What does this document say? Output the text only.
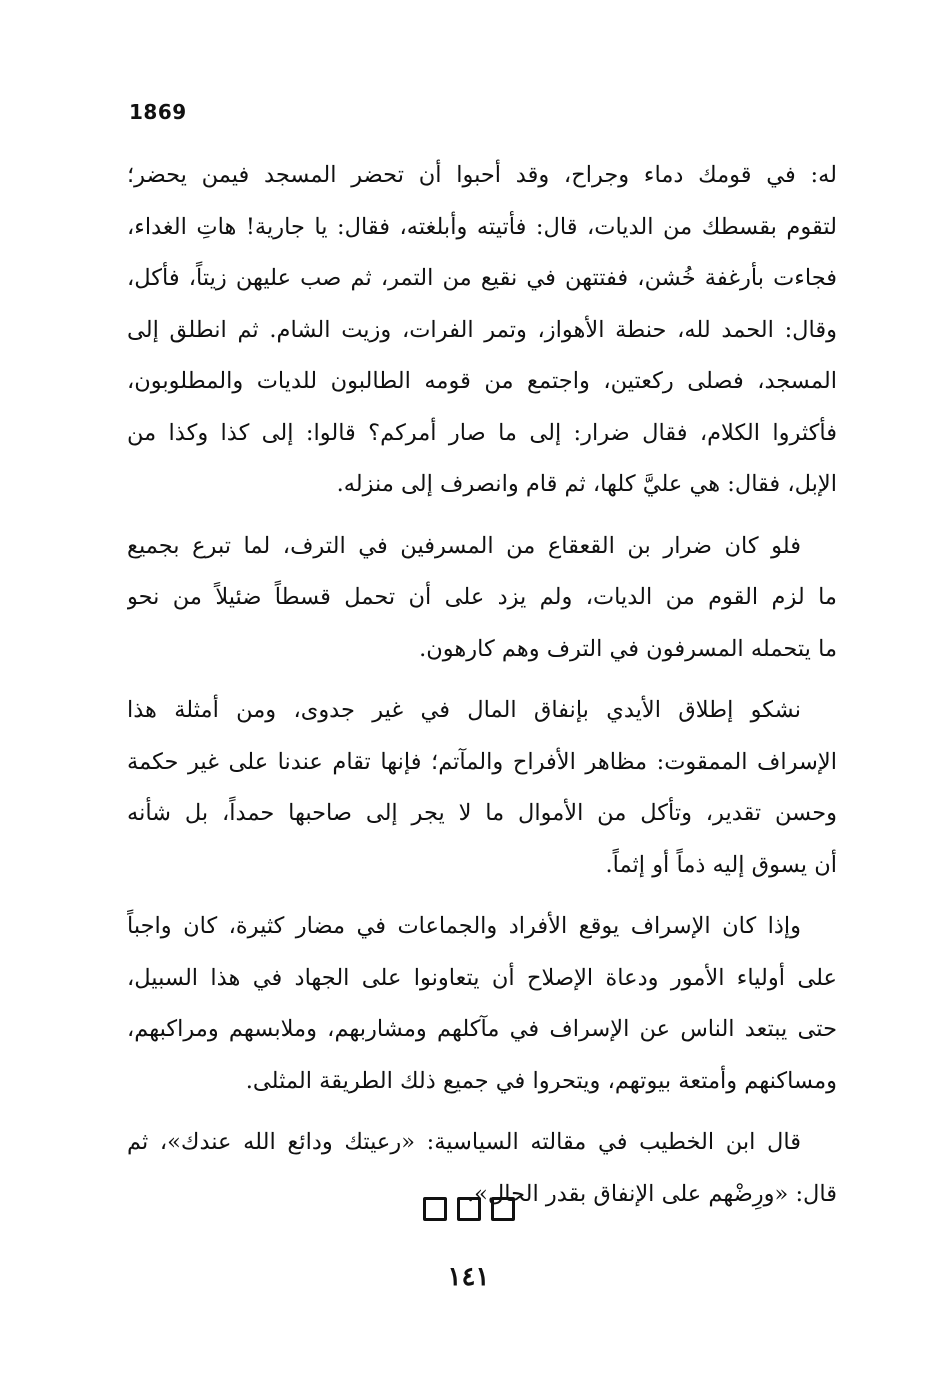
1869
له: في قومك دماء وجراح، وقد أحبوا أن تحضر المسجد فيمن يحضر؛
لتقوم بقسطك من الديات، قال: فأتيته وأبلغته، فقال: يا جارية! هاتِ الغداء،
فجاءت بأرغفة خُشن، ففتتهن في نقيع من التمر، ثم صب عليهن زيتاً، فأكل،
وقال: الحمد لله، حنطة الأهواز، وتمر الفرات، وزيت الشام. ثم انطلق إلى
المسجد، فصلى ركعتين، واجتمع من قومه الطالبون للديات والمطلوبون،
فأكثروا الكلام، فقال ضرار: إلى ما صار أمركم؟ قالوا: إلى كذا وكذا من
الإبل، فقال: هي عليَّ كلها، ثم قام وانصرف إلى منزله.
فلو كان ضرار بن القعقاع من المسرفين في الترف، لما تبرع بجميع
ما لزم القوم من الديات، ولم يزد على أن تحمل قسطاً ضئيلاً من نحو
ما يتحمله المسرفون في الترف وهم كارهون.
نشكو إطلاق الأيدي بإنفاق المال في غير جدوى، ومن أمثلة هذا
الإسراف الممقوت: مظاهر الأفراح والمآتم؛ فإنها تقام عندنا على غير حكمة
وحسن تقدير، وتأكل من الأموال ما لا يجر إلى صاحبها حمداً، بل شأنه
أن يسوق إليه ذماً أو إثماً.
وإذا كان الإسراف يوقع الأفراد والجماعات في مضار كثيرة، كان واجباً
على أولياء الأمور ودعاة الإصلاح أن يتعاونوا على الجهاد في هذا السبيل،
حتى يبتعد الناس عن الإسراف في مآكلهم ومشاربهم، وملابسهم ومراكبهم،
ومساكنهم وأمتعة بيوتهم، ويتحروا في جميع ذلك الطريقة المثلى.
قال ابن الخطيب في مقالته السياسية: «رعيتك ودائع الله عندك»، ثم
قال: «ورِضْهم على الإنفاق بقدر الحال».
١٤١
